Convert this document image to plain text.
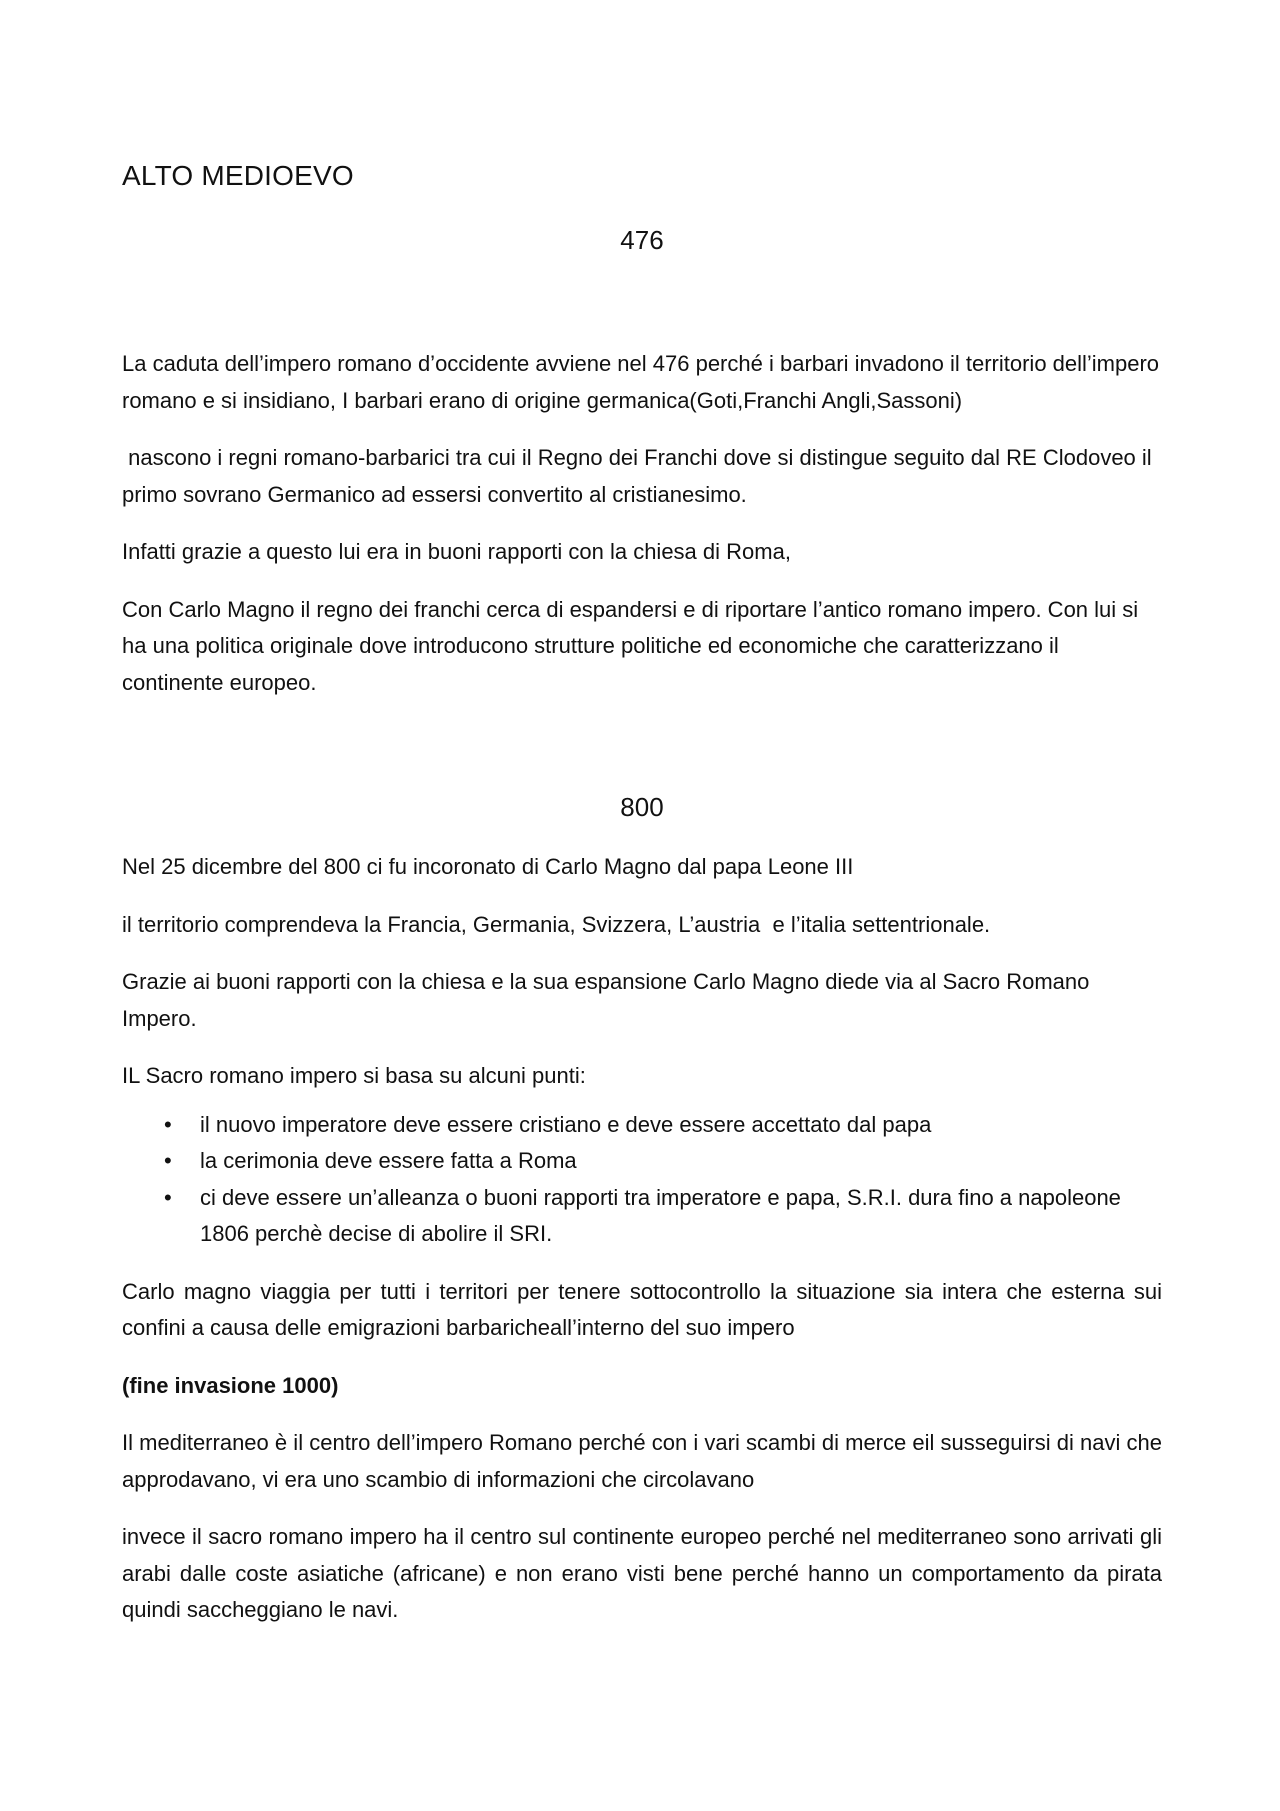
ALTO MEDIOEVO
476

La caduta dell’impero romano d’occidente avviene nel 476 perché i barbari invadono il territorio dell’impero romano e si insidiano, I barbari erano di origine germanica(Goti,Franchi Angli,Sassoni)

nascono i regni romano-barbarici tra cui il Regno dei Franchi dove si distingue seguito dal RE Clodoveo il primo sovrano Germanico ad essersi convertito al cristianesimo.

Infatti grazie a questo lui era in buoni rapporti con la chiesa di Roma,

Con Carlo Magno il regno dei franchi cerca di espandersi e di riportare l’antico romano impero. Con lui si ha una politica originale dove introducono strutture politiche ed economiche che caratterizzano il continente europeo.

800

Nel 25 dicembre del 800 ci fu incoronato di Carlo Magno dal papa Leone III

il territorio comprendeva la Francia, Germania, Svizzera, L’austria  e l’italia settentrionale.

Grazie ai buoni rapporti con la chiesa e la sua espansione Carlo Magno diede via al Sacro Romano Impero.

IL Sacro romano impero si basa su alcuni punti:

• il nuovo imperatore deve essere cristiano e deve essere accettato dal papa
• la cerimonia deve essere fatta a Roma
• ci deve essere un’alleanza o buoni rapporti tra imperatore e papa, S.R.I. dura fino a napoleone 1806 perchè decise di abolire il SRI.

Carlo magno viaggia per tutti i territori per tenere sottocontrollo la situazione sia intera che esterna sui confini a causa delle emigrazioni barbaricheall’interno del suo impero

(fine invasione 1000)

Il mediterraneo è il centro dell’impero Romano perché con i vari scambi di merce eil susseguirsi di navi che approdavano, vi era uno scambio di informazioni che circolavano

invece il sacro romano impero ha il centro sul continente europeo perché nel mediterraneo sono arrivati gli arabi dalle coste asiatiche (africane) e non erano visti bene perché hanno un comportamento da pirata quindi saccheggiano le navi.
